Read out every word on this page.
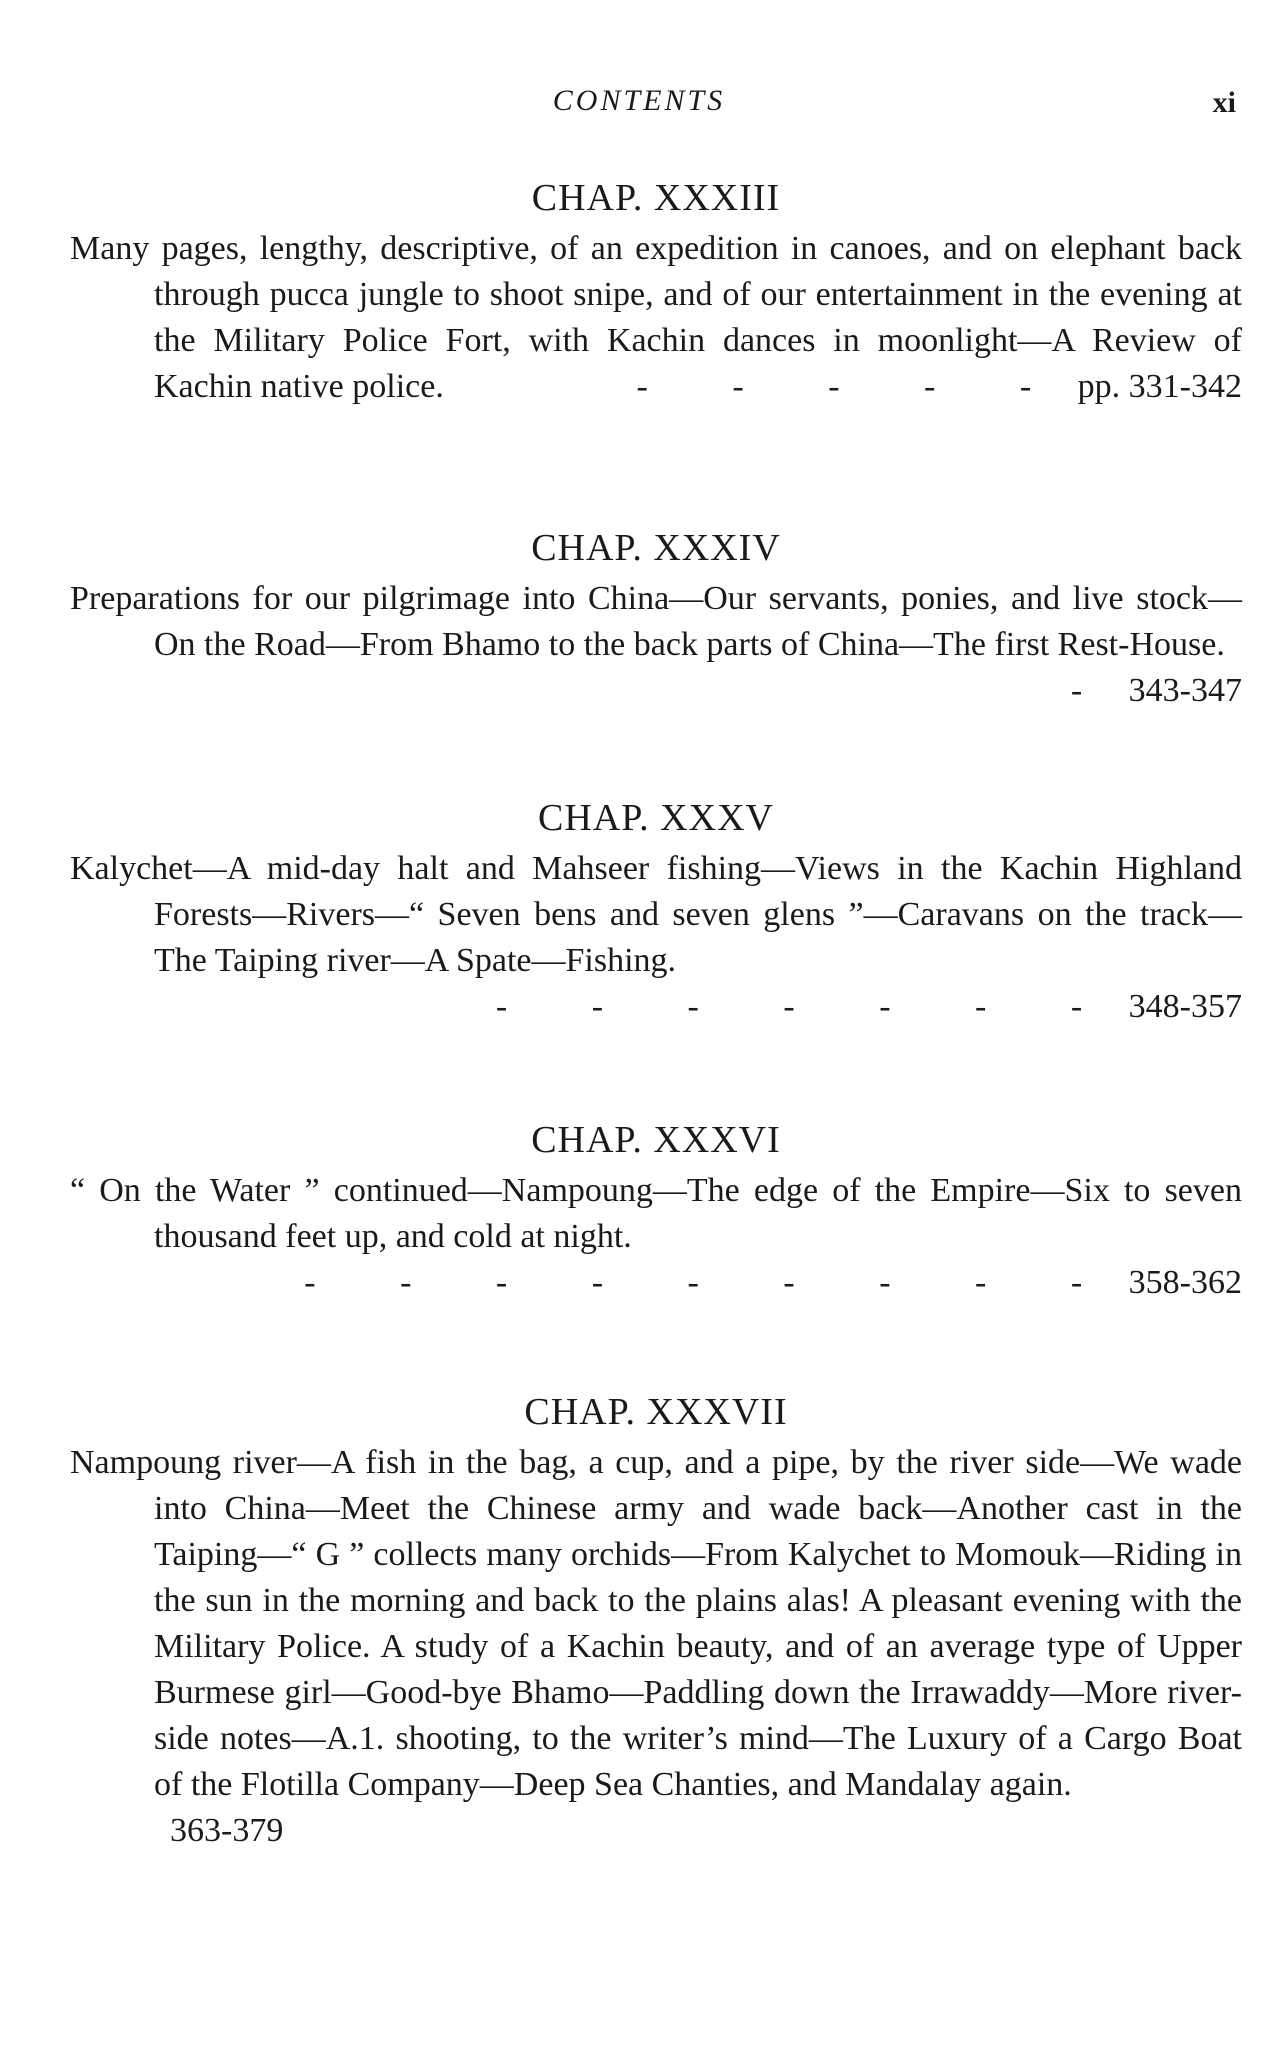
CONTENTS	xi
CHAP. XXXIII

Many pages, lengthy, descriptive, of an expedition in canoes, and on elephant back through pucca jungle to shoot snipe, and of our entertainment in the evening at the Military Police Fort, with Kachin dances in moonlight—A Review of Kachin native police.	- - - - - pp. 331-342

CHAP. XXXIV

Preparations for our pilgrimage into China—Our servants, ponies, and live stock—On the Road—From Bhamo to the back parts of China—The first Rest-House.
- 343-347

CHAP. XXXV

Kalychet—A mid-day halt and Mahseer fishing—Views in the Kachin Highland Forests—Rivers—“ Seven bens and seven glens ”—Caravans on the track—The Taiping river—A Spate—Fishing.
- - - - - - - 348-357

CHAP. XXXVI

“ On the Water ” continued—Nampoung—The edge of the Empire—Six to seven thousand feet up, and cold at night.
- - - - - - - - - 358-362

CHAP. XXXVII

Nampoung river—A fish in the bag, a cup, and a pipe, by the river side—We wade into China—Meet the Chinese army and wade back—Another cast in the Taiping—“ G ” collects many orchids—From Kalychet to Momouk—Riding in the sun in the morning and back to the plains alas! A pleasant evening with the Military Police. A study of a Kachin beauty, and of an average type of Upper Burmese girl—Good-bye Bhamo—Paddling down the Irrawaddy—More river-side notes—A.1. shooting, to the writer’s mind—The Luxury of a Cargo Boat of the Flotilla Company—Deep Sea Chanties, and Mandalay again.
363-379
